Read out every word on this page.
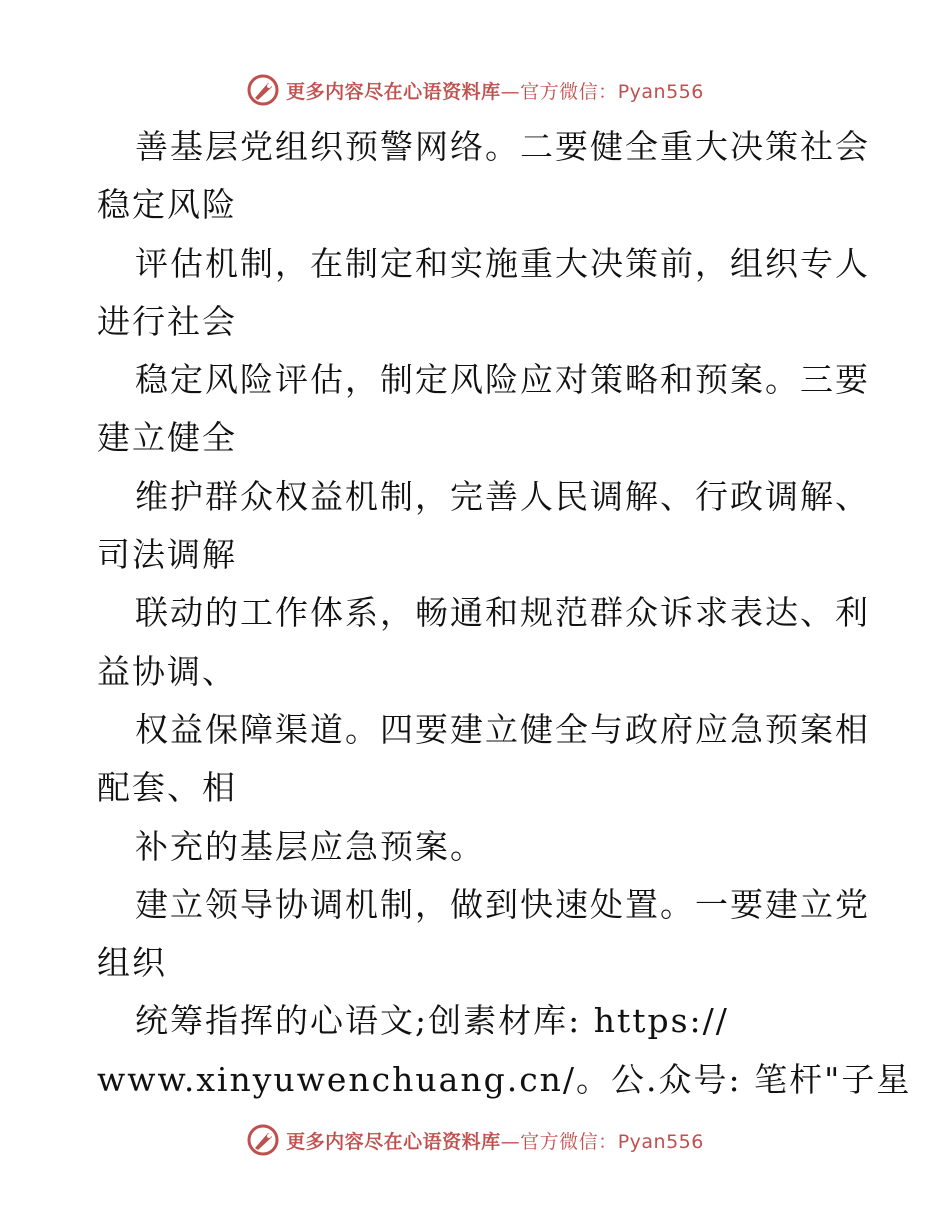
更多内容尽在心语资料库—官方微信：Pyan556
善基层党组织预警网络。二要健全重大决策社会
稳定风险
评估机制，在制定和实施重大决策前，组织专人
进行社会
稳定风险评估，制定风险应对策略和预案。三要
建立健全
维护群众权益机制，完善人民调解、行政调解、
司法调解
联动的工作体系，畅通和规范群众诉求表达、利
益协调、
权益保障渠道。四要建立健全与政府应急预案相
配套、相
补充的基层应急预案。
建立领导协调机制，做到快速处置。一要建立党
组织
统筹指挥的心语文;创素材库: https://
www.xinyuwenchuang.cn/。公.众号: 笔杆"子星
更多内容尽在心语资料库—官方微信：Pyan556
